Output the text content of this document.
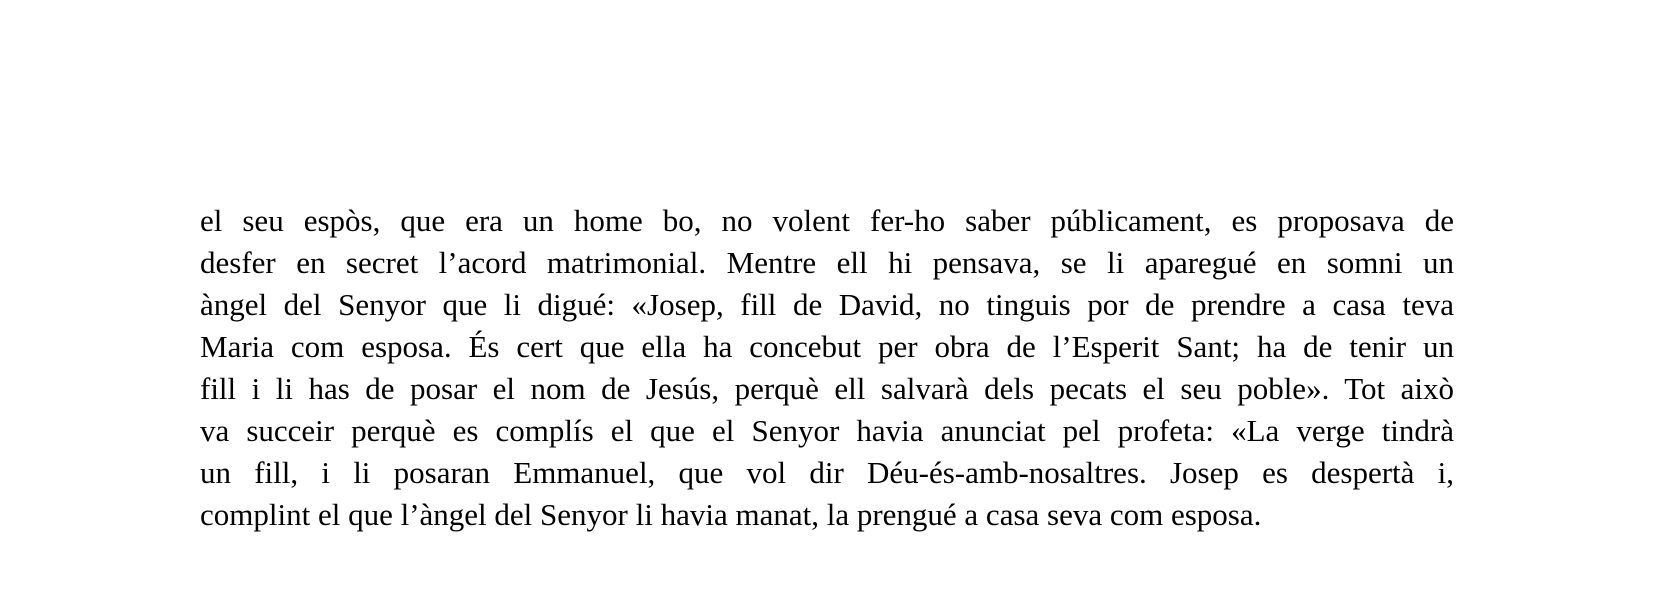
el seu espòs, que era un home bo, no volent fer-ho saber públicament, es proposava de
desfer en secret l’acord matrimonial. Mentre ell hi pensava, se li aparegué en somni un
àngel del Senyor que li digué: «Josep, fill de David, no tinguis por de prendre a casa teva
Maria com esposa. És cert que ella ha concebut per obra de l’Esperit Sant; ha de tenir un
fill i li has de posar el nom de Jesús, perquè ell salvarà dels pecats el seu poble». Tot això
va succeir perquè es complís el que el Senyor havia anunciat pel profeta: «La verge tindrà
un fill, i li posaran Emmanuel, que vol dir Déu-és-amb-nosaltres. Josep es despertà i,
complint el que l’àngel del Senyor li havia manat, la prengué a casa seva com esposa.
